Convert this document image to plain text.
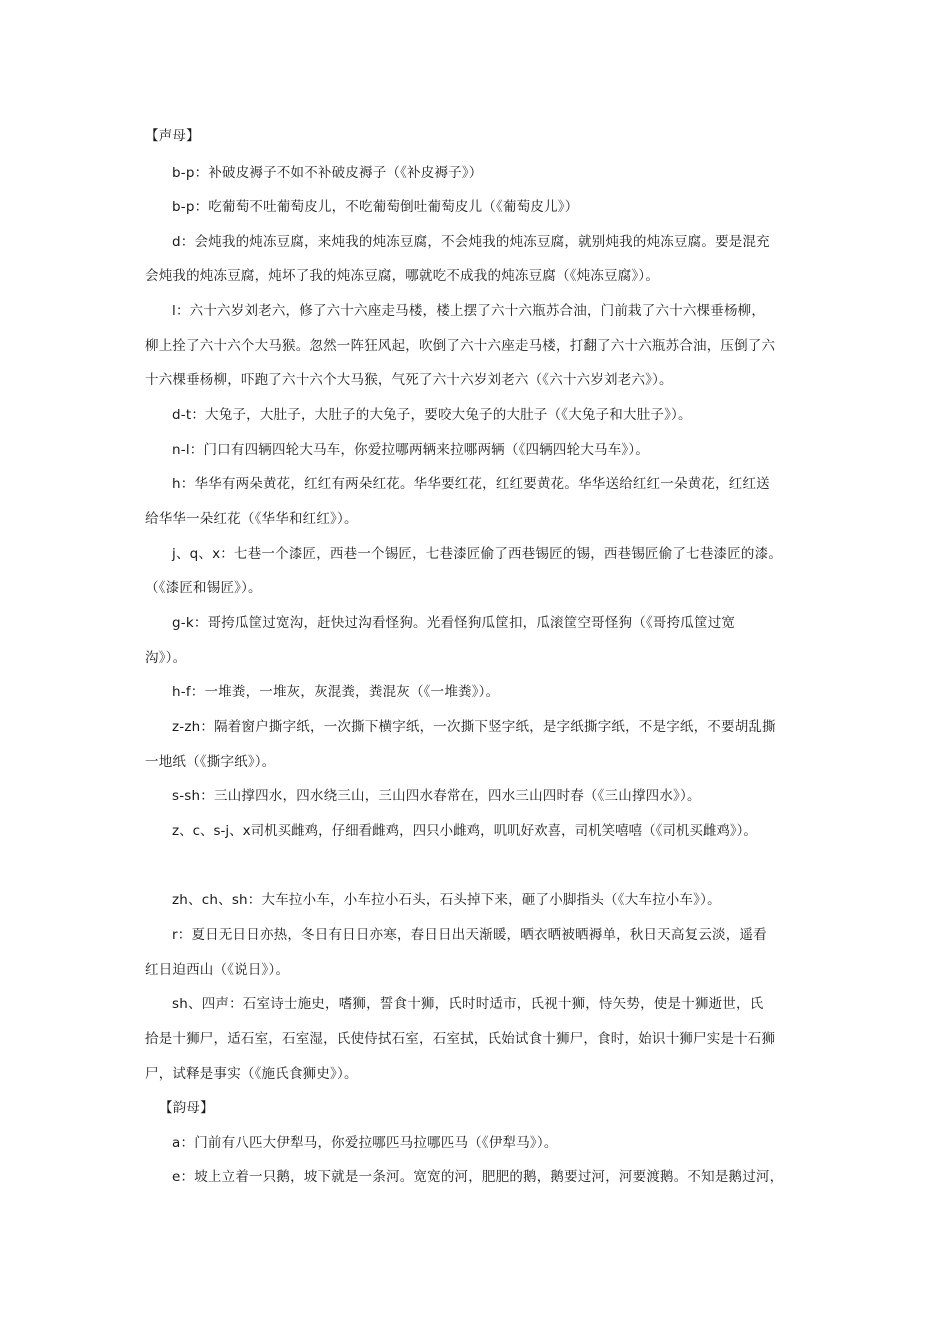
【声母】
b-p：补破皮褥子不如不补破皮褥子（《补皮褥子》）
b-p：吃葡萄不吐葡萄皮儿，不吃葡萄倒吐葡萄皮儿（《葡萄皮儿》）
d：会炖我的炖冻豆腐，来炖我的炖冻豆腐，不会炖我的炖冻豆腐，就别炖我的炖冻豆腐。要是混充
会炖我的炖冻豆腐，炖坏了我的炖冻豆腐，哪就吃不成我的炖冻豆腐（《炖冻豆腐》）。
l：六十六岁刘老六，修了六十六座走马楼，楼上摆了六十六瓶苏合油，门前栽了六十六棵垂杨柳，
柳上拴了六十六个大马猴。忽然一阵狂风起，吹倒了六十六座走马楼，打翻了六十六瓶苏合油，压倒了六
十六棵垂杨柳，吓跑了六十六个大马猴，气死了六十六岁刘老六（《六十六岁刘老六》）。
d-t：大兔子，大肚子，大肚子的大兔子，要咬大兔子的大肚子（《大兔子和大肚子》）。
n-l：门口有四辆四轮大马车，你爱拉哪两辆来拉哪两辆（《四辆四轮大马车》）。
h：华华有两朵黄花，红红有两朵红花。华华要红花，红红要黄花。华华送给红红一朵黄花，红红送
给华华一朵红花（《华华和红红》）。
j、q、x：七巷一个漆匠，西巷一个锡匠，七巷漆匠偷了西巷锡匠的锡，西巷锡匠偷了七巷漆匠的漆。
（《漆匠和锡匠》）。
g-k：哥挎瓜筐过宽沟，赶快过沟看怪狗。光看怪狗瓜筐扣，瓜滚筐空哥怪狗（《哥挎瓜筐过宽
沟》）。
h-f：一堆粪，一堆灰，灰混粪，粪混灰（《一堆粪》）。
z-zh：隔着窗户撕字纸，一次撕下横字纸，一次撕下竖字纸，是字纸撕字纸，不是字纸，不要胡乱撕
一地纸（《撕字纸》）。
s-sh：三山撑四水，四水绕三山，三山四水春常在，四水三山四时春（《三山撑四水》）。
z、c、s-j、x司机买雌鸡，仔细看雌鸡，四只小雌鸡，叽叽好欢喜，司机笑嘻嘻（《司机买雌鸡》）。
zh、ch、sh：大车拉小车，小车拉小石头，石头掉下来，砸了小脚指头（《大车拉小车》）。
r：夏日无日日亦热，冬日有日日亦寒，春日日出天渐暖，晒衣晒被晒褥单，秋日天高复云淡，遥看
红日迫西山（《说日》）。
sh、四声：石室诗士施史，嗜狮，誓食十狮，氏时时适市，氏视十狮，恃矢势，使是十狮逝世，氏
拾是十狮尸，适石室，石室湿，氏使侍拭石室，石室拭，氏始试食十狮尸，食时，始识十狮尸实是十石狮
尸，试释是事实（《施氏食狮史》）。
【韵母】
a：门前有八匹大伊犁马，你爱拉哪匹马拉哪匹马（《伊犁马》）。
e：坡上立着一只鹅，坡下就是一条河。宽宽的河，肥肥的鹅，鹅要过河，河要渡鹅。不知是鹅过河，
